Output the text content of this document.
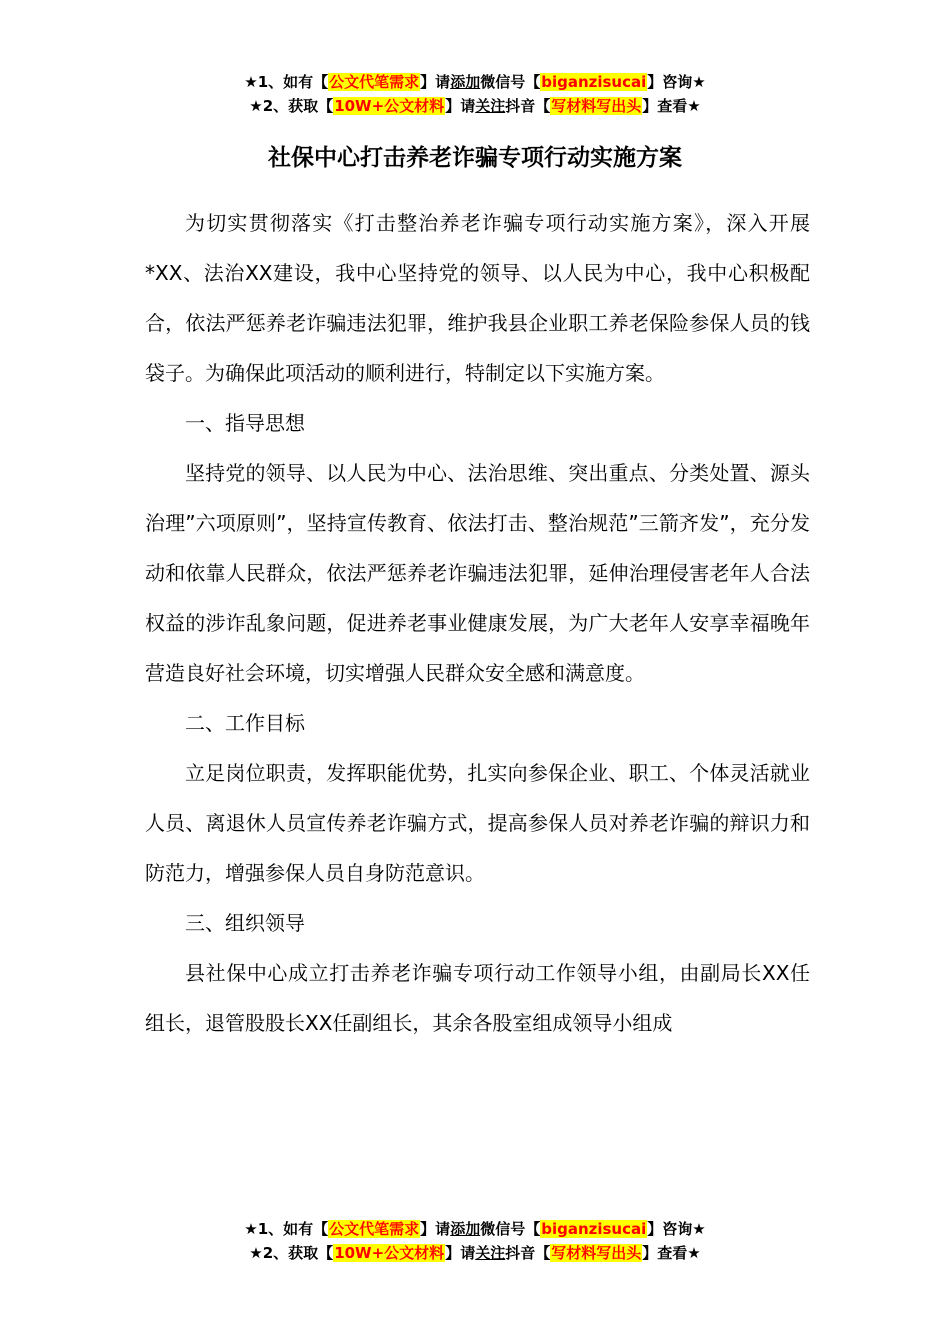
★1、如有【公文代笔需求】请添加微信号【biganzisucai】咨询★
★2、获取【10W+公文材料】请关注抖音【写材料写出头】查看★
社保中心打击养老诈骗专项行动实施方案

为切实贯彻落实《打击整治养老诈骗专项行动实施方案》，深入开展*XX、法治XX建设，我中心坚持党的领导、以人民为中心，我中心积极配合，依法严惩养老诈骗违法犯罪，维护我县企业职工养老保险参保人员的钱袋子。为确保此项活动的顺利进行，特制定以下实施方案。

一、指导思想

坚持党的领导、以人民为中心、法治思维、突出重点、分类处置、源头治理”六项原则”，坚持宣传教育、依法打击、整治规范”三箭齐发”，充分发动和依靠人民群众，依法严惩养老诈骗违法犯罪，延伸治理侵害老年人合法权益的涉诈乱象问题，促进养老事业健康发展，为广大老年人安享幸福晚年营造良好社会环境，切实增强人民群众安全感和满意度。

二、工作目标

立足岗位职责，发挥职能优势，扎实向参保企业、职工、个体灵活就业人员、离退休人员宣传养老诈骗方式，提高参保人员对养老诈骗的辩识力和防范力，增强参保人员自身防范意识。

三、组织领导

县社保中心成立打击养老诈骗专项行动工作领导小组，由副局长XX任组长，退管股股长XX任副组长，其余各股室组成领导小组成

★1、如有【公文代笔需求】请添加微信号【biganzisucai】咨询★
★2、获取【10W+公文材料】请关注抖音【写材料写出头】查看★
